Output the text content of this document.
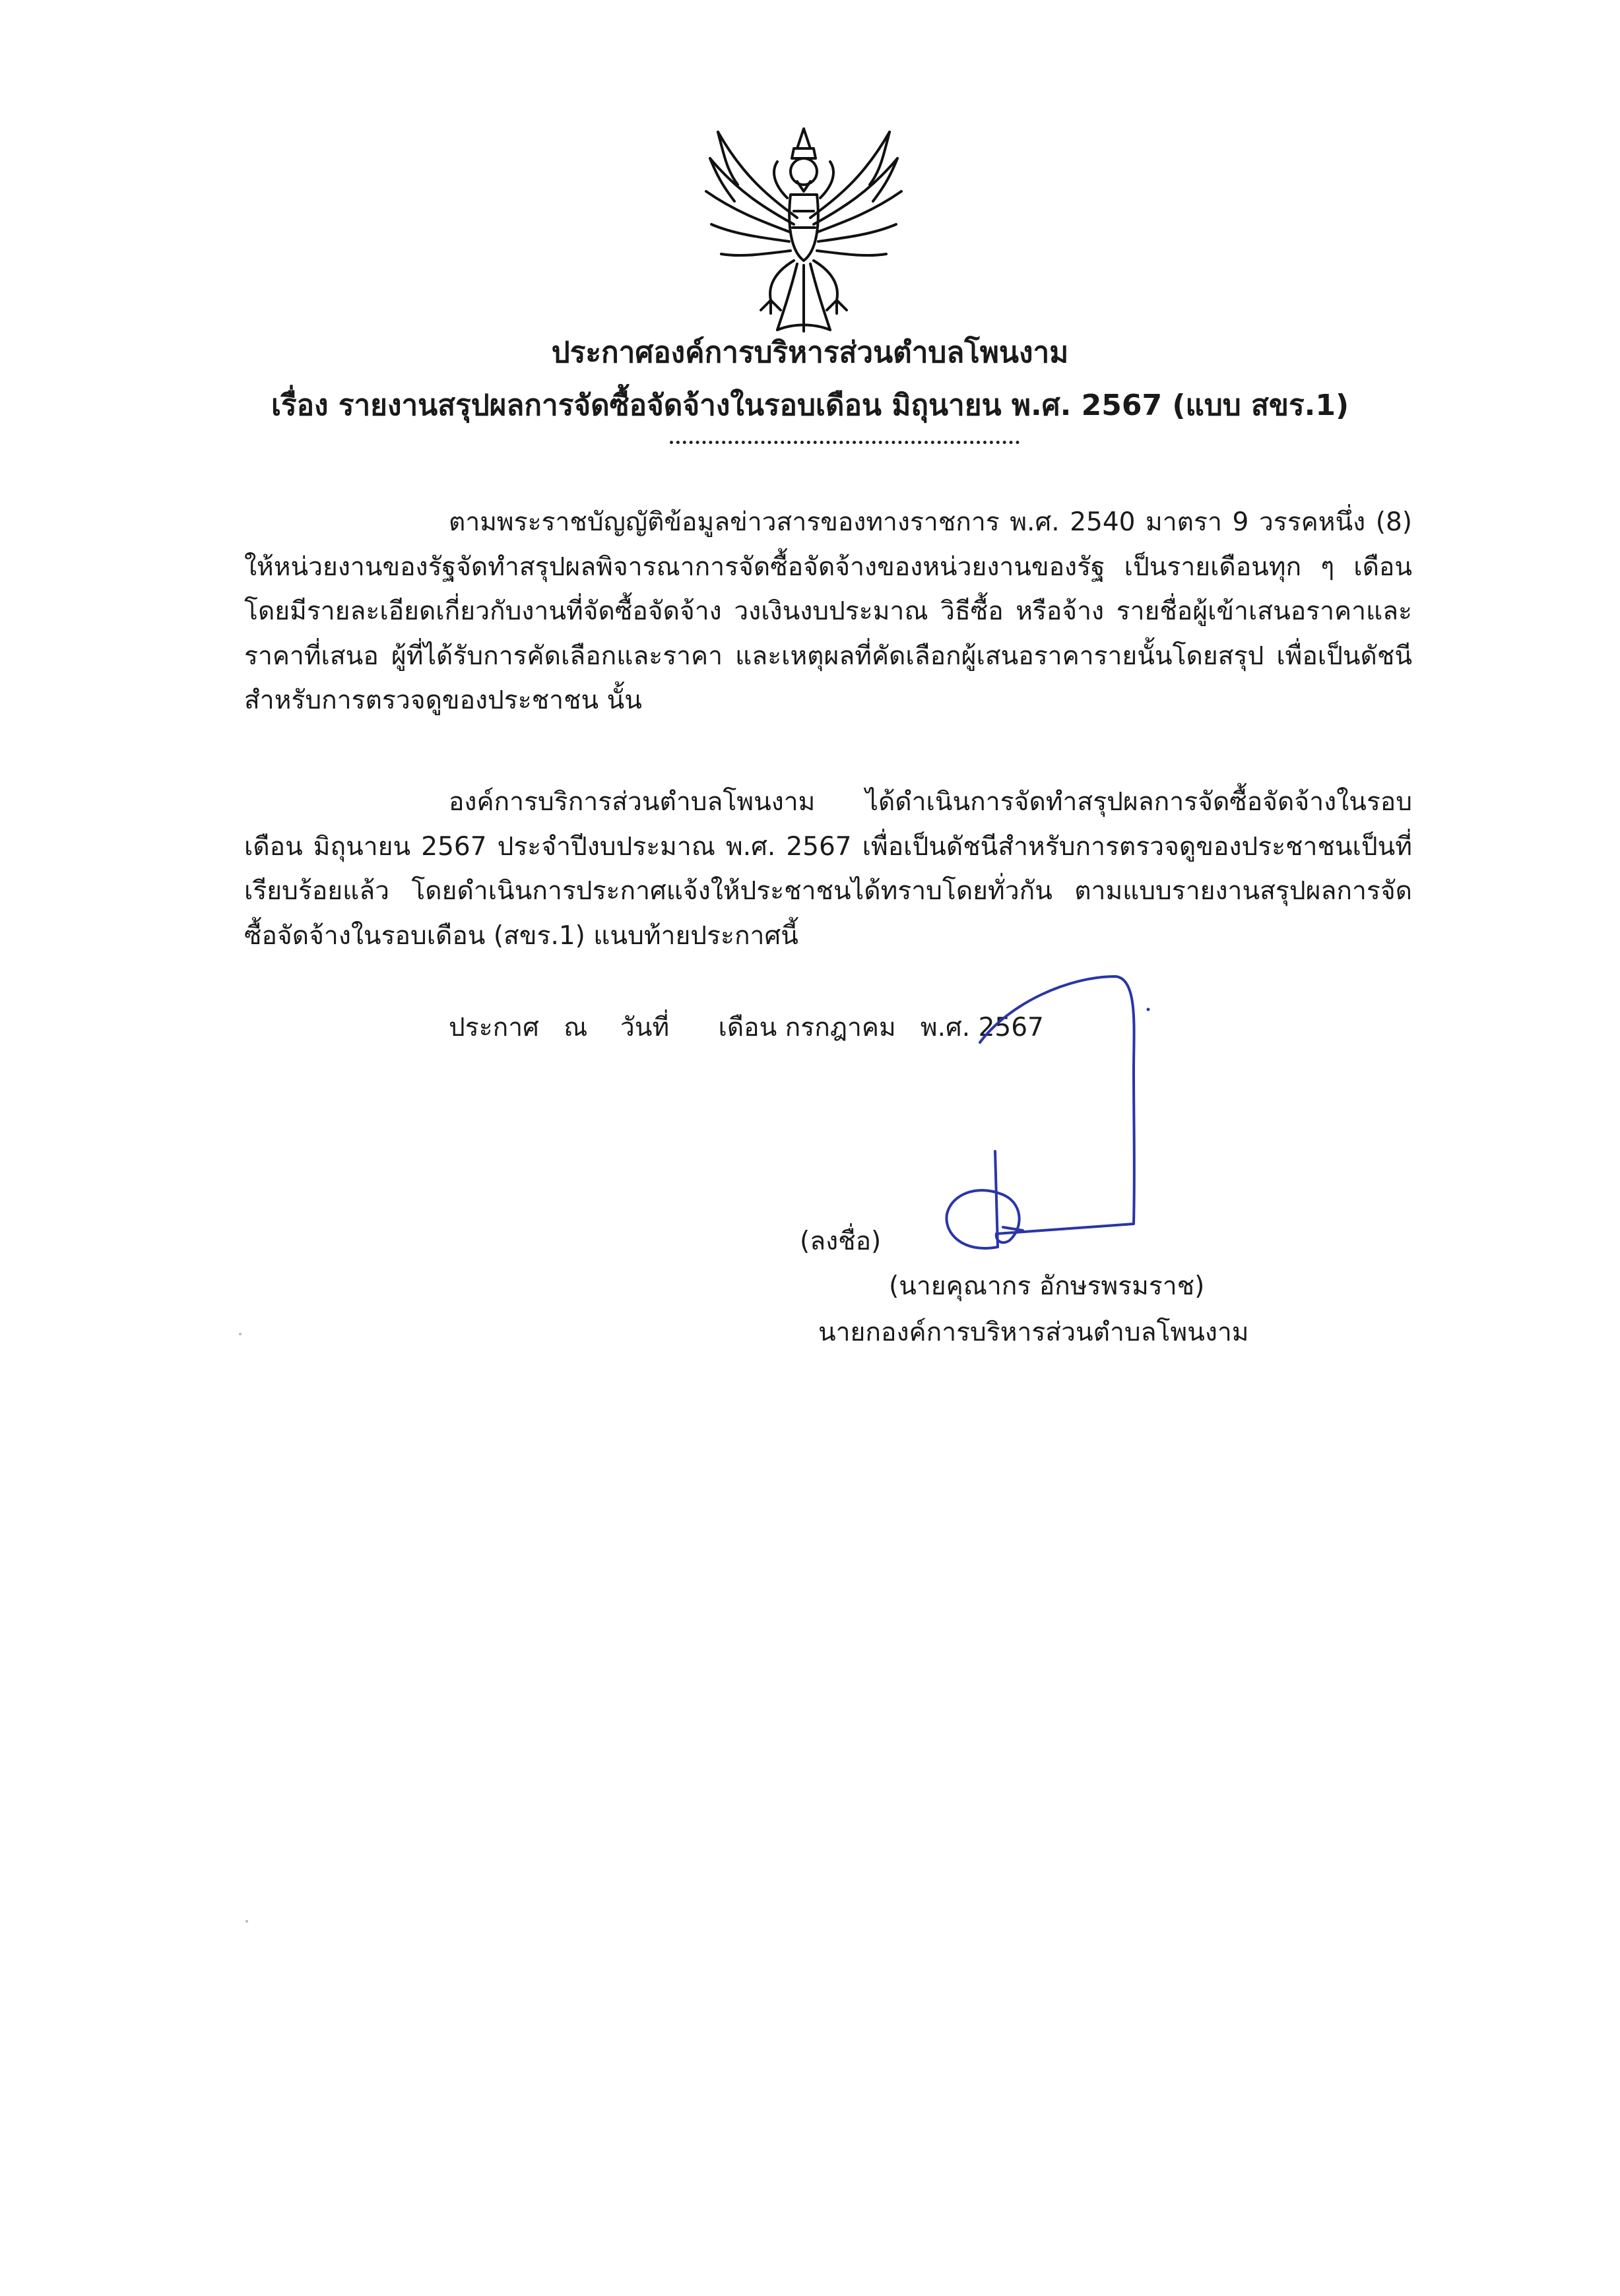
ประกาศองค์การบริหารส่วนตำบลโพนงาม
เรื่อง รายงานสรุปผลการจัดซื้อจัดจ้างในรอบเดือน มิถุนายน พ.ศ. 2567 (แบบ สขร.1)
ตามพระราชบัญญัติข้อมูลข่าวสารของทางราชการ พ.ศ. 2540 มาตรา 9 วรรคหนึ่ง (8) ให้หน่วยงานของรัฐจัดทำสรุปผลพิจารณาการจัดซื้อจัดจ้างของหน่วยงานของรัฐ เป็นรายเดือนทุก ๆ เดือน โดยมีรายละเอียดเกี่ยวกับงานที่จัดซื้อจัดจ้าง วงเงินงบประมาณ วิธีซื้อ หรือจ้าง รายชื่อผู้เข้าเสนอราคาและราคาที่เสนอ ผู้ที่ได้รับการคัดเลือกและราคา และเหตุผลที่คัดเลือกผู้เสนอราคารายนั้นโดยสรุป เพื่อเป็นดัชนีสำหรับการตรวจดูของประชาชน นั้น
องค์การบริการส่วนตำบลโพนงาม ได้ดำเนินการจัดทำสรุปผลการจัดซื้อจัดจ้างในรอบเดือน มิถุนายน 2567 ประจำปีงบประมาณ พ.ศ. 2567 เพื่อเป็นดัชนีสำหรับการตรวจดูของประชาชนเป็นที่เรียบร้อยแล้ว โดยดำเนินการประกาศแจ้งให้ประชาชนได้ทราบโดยทั่วกัน ตามแบบรายงานสรุปผลการจัดซื้อจัดจ้างในรอบเดือน (สขร.1) แนบท้ายประกาศนี้
ประกาศ   ณ    วันที่      เดือน กรกฎาคม   พ.ศ. 2567
(ลงชื่อ)
(นายคุณากร อักษรพรมราช)
นายกองค์การบริหารส่วนตำบลโพนงาม
